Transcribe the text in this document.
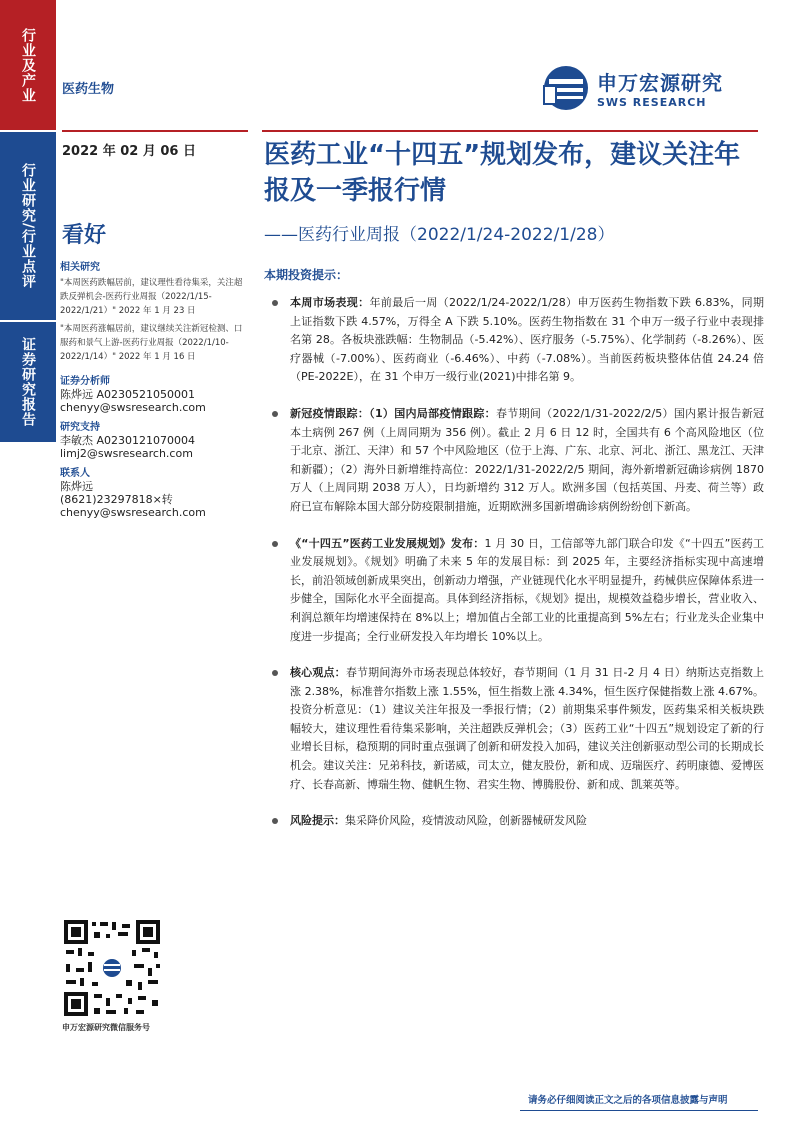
行业及产业
行业研究/行业点评
证券研究报告
医药生物	申万宏源研究
SWS RESEARCH
2022 年 02 月 06 日	医药工业“十四五”规划发布，建议关注年报及一季报行情
——医药行业周报（2022/1/24-2022/1/28）
看好
相关研究
"本周医药跌幅居前，建议理性看待集采，关注超跌反弹机会-医药行业周报（2022/1/15-2022/1/21）" 2022 年 1 月 23 日
"本周医药涨幅居前，建议继续关注新冠检测、口服药和景气上游-医药行业周报（2022/1/10-2022/1/14）" 2022 年 1 月 16 日
证券分析师
陈烨远 A0230521050001
chenyy@swsresearch.com
研究支持
李敏杰 A0230121070004
limj2@swsresearch.com
联系人
陈烨远
(8621)23297818×转
chenyy@swsresearch.com
本期投资提示：
本周市场表现：年前最后一周（2022/1/24-2022/1/28）申万医药生物指数下跌 6.83%，同期上证指数下跌 4.57%，万得全 A 下跌 5.10%。医药生物指数在 31 个申万一级子行业中表现排名第 28。各板块涨跌幅：生物制品（-5.42%）、医疗服务（-5.75%）、化学制药（-8.26%）、医疗器械（-7.00%）、医药商业（-6.46%）、中药（-7.08%）。当前医药板块整体估值 24.24 倍（PE-2022E），在 31 个申万一级行业(2021)中排名第 9。
新冠疫情跟踪：（1）国内局部疫情跟踪：春节期间（2022/1/31-2022/2/5）国内累计报告新冠本土病例 267 例（上周同期为 356 例）。截止 2 月 6 日 12 时，全国共有 6 个高风险地区（位于北京、浙江、天津）和 57 个中风险地区（位于上海、广东、北京、河北、浙江、黑龙江、天津和新疆）；（2）海外日新增维持高位：2022/1/31-2022/2/5 期间，海外新增新冠确诊病例 1870 万人（上周同期 2038 万人），日均新增约 312 万人。欧洲多国（包括英国、丹麦、荷兰等）政府已宣布解除本国大部分防疫限制措施，近期欧洲多国新增确诊病例纷纷创下新高。
《“十四五”医药工业发展规划》发布：1 月 30 日，工信部等九部门联合印发《“十四五”医药工业发展规划》。《规划》明确了未来 5 年的发展目标：到 2025 年，主要经济指标实现中高速增长，前沿领域创新成果突出，创新动力增强，产业链现代化水平明显提升，药械供应保障体系进一步健全，国际化水平全面提高。具体到经济指标，《规划》提出，规模效益稳步增长，营业收入、利润总额年均增速保持在 8%以上；增加值占全部工业的比重提高到 5%左右；行业龙头企业集中度进一步提高；全行业研发投入年均增长 10%以上。
核心观点：春节期间海外市场表现总体较好，春节期间（1 月 31 日-2 月 4 日）纳斯达克指数上涨 2.38%，标准普尔指数上涨 1.55%，恒生指数上涨 4.34%，恒生医疗保健指数上涨 4.67%。投资分析意见：（1）建议关注年报及一季报行情；（2）前期集采事件频发，医药集采相关板块跌幅较大，建议理性看待集采影响，关注超跌反弹机会；（3）医药工业“十四五”规划设定了新的行业增长目标，稳预期的同时重点强调了创新和研发投入加码，建议关注创新驱动型公司的长期成长机会。建议关注：兄弟科技，新诺威，司太立，健友股份，新和成、迈瑞医疗、药明康德、爱博医疗、长春高新、博瑞生物、健帆生物、君实生物、博腾股份、新和成、凯莱英等。
风险提示：集采降价风险，疫情波动风险，创新器械研发风险
申万宏源研究微信服务号
请务必仔细阅读正文之后的各项信息披露与声明
